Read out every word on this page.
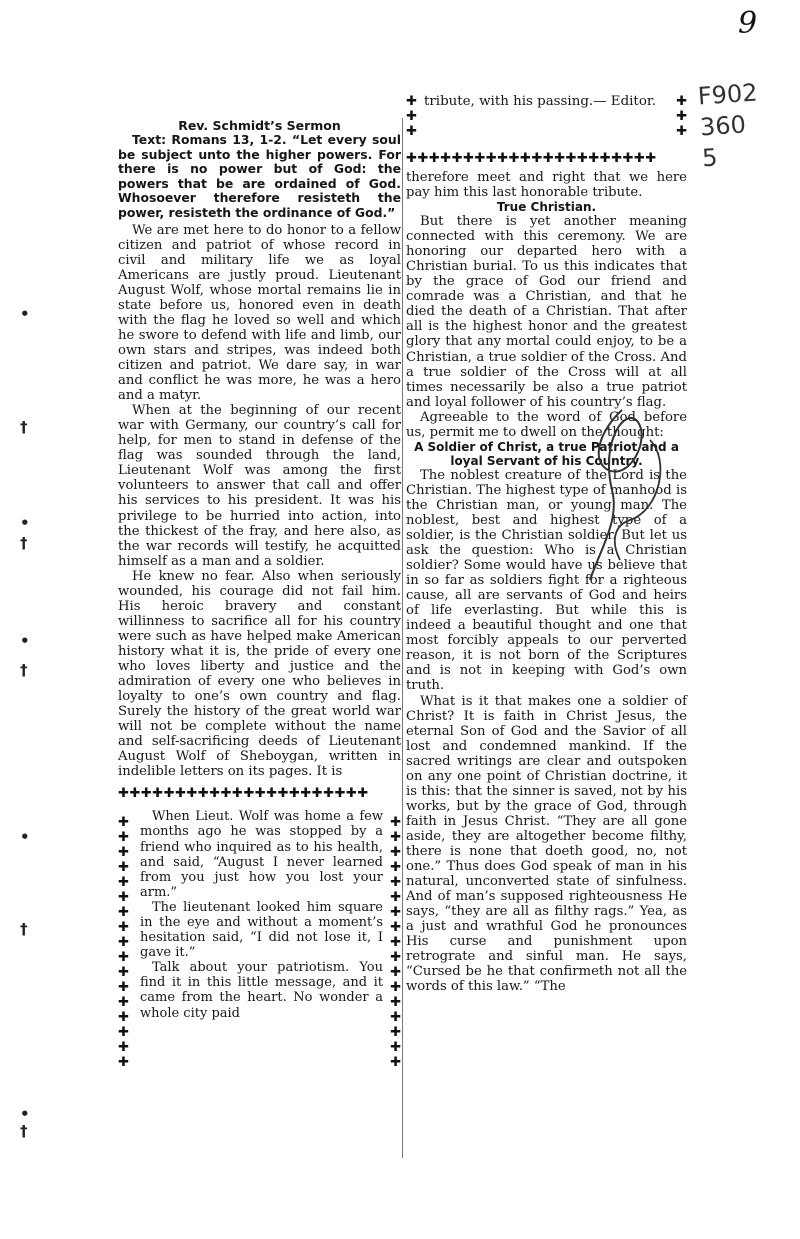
9
F902
360
5
•
†
•
†
•
†
•
†
•
†

Rev. Schmidt’s Sermon

Text: Romans 13, 1-2. “Let every soul be subject unto the higher powers. For there is no power but of God: the powers that be are ordained of God. Whosoever therefore resisteth the power, resisteth the ordinance of God.”

We are met here to do honor to a fellow citizen and patriot of whose record in civil and military life we as loyal Americans are justly proud. Lieutenant August Wolf, whose mortal remains lie in state before us, honored even in death with the flag he loved so well and which he swore to defend with life and limb, our own stars and stripes, was indeed both citizen and patriot. We dare say, in war and conflict he was more, he was a hero and a matyr.

When at the beginning of our recent war with Germany, our country’s call for help, for men to stand in defense of the flag was sounded through the land, Lieutenant Wolf was among the first volunteers to answer that call and offer his services to his president. It was his privilege to be hurried into action, into the thickest of the fray, and here also, as the war records will testify, he acquitted himself as a man and a soldier.

He knew no fear. Also when seriously wounded, his courage did not fail him. His heroic bravery and constant willinness to sacrifice all for his country were such as have helped make American history what it is, the pride of every one who loves liberty and justice and the admiration of every one who believes in loyalty to one’s own country and flag. Surely the history of the great world war will not be complete without the name and self-sacrificing deeds of Lieutenant August Wolf of Sheboygan, written in indelible letters on its pages. It is

✚✚✚✚✚✚✚✚✚✚✚✚✚✚✚✚✚✚✚✚✚✚
✚
✚
✚
✚
✚
✚
✚
✚
✚
✚
✚
✚
✚
✚
✚
✚
✚
✚
✚
✚
✚
✚
✚
✚
✚
✚
✚
✚
✚
✚
✚
✚
✚
✚

When Lieut. Wolf was home a few months ago he was stopped by a friend who inquired as to his health, and said, “August I never learned from you just how you lost your arm.”

The lieutenant looked him square in the eye and without a moment’s hesitation said, “I did not lose it, I gave it.”

Talk about your patriotism. You find it in this little message, and it came from the heart. No wonder a whole city paid

✚
✚
✚
✚
✚
✚

tribute, with his passing.— Editor.

✚✚✚✚✚✚✚✚✚✚✚✚✚✚✚✚✚✚✚✚✚✚

therefore meet and right that we here pay him this last honorable tribute.

True Christian.

But there is yet another meaning connected with this ceremony. We are honoring our departed hero with a Christian burial. To us this indicates that by the grace of God our friend and comrade was a Christian, and that he died the death of a Christian. That after all is the highest honor and the greatest glory that any mortal could enjoy, to be a Christian, a true soldier of the Cross. And a true soldier of the Cross will at all times necessarily be also a true patriot and loyal follower of his country’s flag.

Agreeable to the word of God before us, permit me to dwell on the thought:

A Soldier of Christ, a true Patriot and a loyal Servant of his Country.

The noblest creature of the Lord is the Christian. The highest type of manhood is the Christian man, or young man. The noblest, best and highest type of a soldier, is the Christian soldier. But let us ask the question: Who is a Christian soldier? Some would have us believe that in so far as soldiers fight for a righteous cause, all are servants of God and heirs of life everlasting. But while this is indeed a beautiful thought and one that most forcibly appeals to our perverted reason, it is not born of the Scriptures and is not in keeping with God’s own truth.

What is it that makes one a soldier of Christ? It is faith in Christ Jesus, the eternal Son of God and the Savior of all lost and condemned mankind. If the sacred writings are clear and outspoken on any one point of Christian doctrine, it is this: that the sinner is saved, not by his works, but by the grace of God, through faith in Jesus Christ. “They are all gone aside, they are altogether become filthy, there is none that doeth good, no, not one.” Thus does God speak of man in his natural, unconverted state of sinfulness. And of man’s supposed righteousness He says, “they are all as filthy rags.” Yea, as a just and wrathful God he pronounces His curse and punishment upon retrograte and sinful man. He says, “Cursed be he that confirmeth not all the words of this law.” “The
